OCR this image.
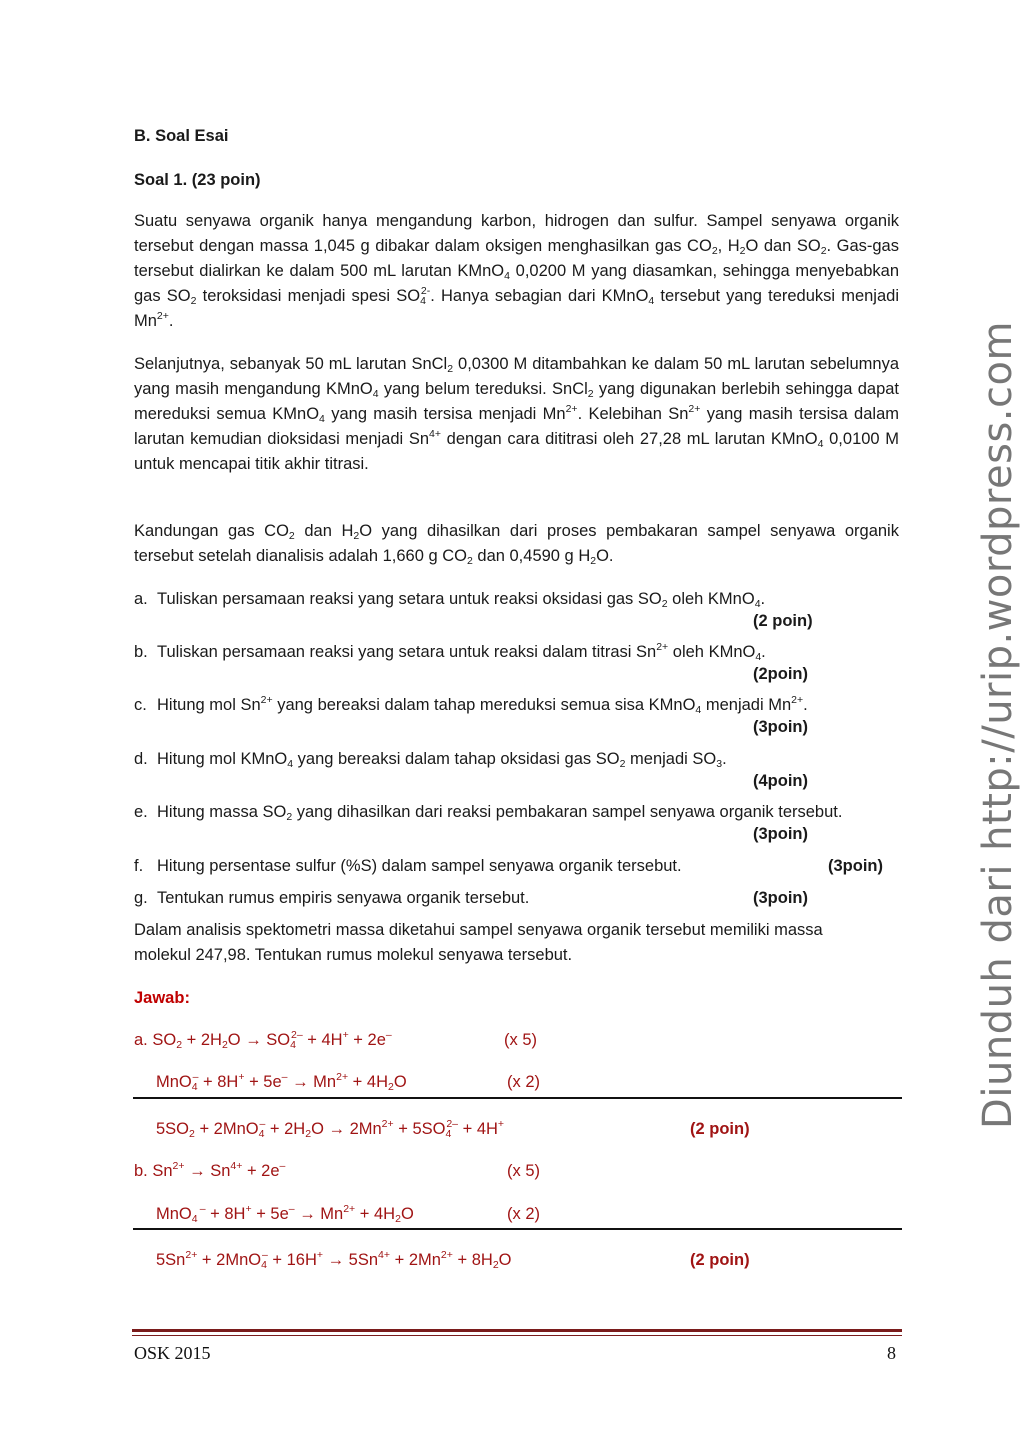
B. Soal Esai
Soal 1. (23 poin)
Suatu senyawa organik hanya mengandung karbon, hidrogen dan sulfur. Sampel senyawa organik tersebut dengan massa 1,045 g dibakar dalam oksigen menghasilkan gas $CO_2$, $H_2O$ dan $SO_2$. Gas-gas tersebut dialirkan ke dalam 500 mL larutan KMnO$_4$ 0,0200 M yang diasamkan, sehingga menyebabkan gas $SO_2$ teroksidasi menjadi spesi $SO_4^{2-}$. Hanya sebagian dari KMnO$_4$ tersebut yang tereduksi menjadi $Mn^{2+}$.
Selanjutnya, sebanyak 50 mL larutan SnCl$_2$ 0,0300 M ditambahkan ke dalam 50 mL larutan sebelumnya yang masih mengandung KMnO$_4$ yang belum tereduksi. SnCl$_2$ yang digunakan berlebih sehingga dapat mereduksi semua KMnO$_4$ yang masih tersisa menjadi $Mn^{2+}$. Kelebihan $Sn^{2+}$ yang masih tersisa dalam larutan kemudian dioksidasi menjadi $Sn^{4+}$ dengan cara dititrasi oleh 27,28 mL larutan KMnO$_4$ 0,0100 M untuk mencapai titik akhir titrasi.
Kandungan gas $CO_2$ dan $H_2O$ yang dihasilkan dari proses pembakaran sampel senyawa organik tersebut setelah dianalisis adalah 1,660 g $CO_2$ dan 0,4590 g $H_2O$.
a. Tuliskan persamaan reaksi yang setara untuk reaksi oksidasi gas $SO_2$ oleh KMnO$_4$.
(2 poin)
b. Tuliskan persamaan reaksi yang setara untuk reaksi dalam titrasi $Sn^{2+}$ oleh KMnO$_4$.
(2poin)
c. Hitung mol $Sn^{2+}$ yang bereaksi dalam tahap mereduksi semua sisa KMnO$_4$ menjadi $Mn^{2+}$.
(3poin)
d. Hitung mol KMnO$_4$ yang bereaksi dalam tahap oksidasi gas $SO_2$ menjadi $SO_3$.
(4poin)
e. Hitung massa $SO_2$ yang dihasilkan dari reaksi pembakaran sampel senyawa organik tersebut.
(3poin)
f. Hitung persentase sulfur (%S) dalam sampel senyawa organik tersebut.	(3poin)
g. Tentukan rumus empiris senyawa organik tersebut.	(3poin)
Dalam analisis spektometri massa diketahui sampel senyawa organik tersebut memiliki massa molekul 247,98. Tentukan rumus molekul senyawa tersebut.
Jawab:
a. $SO_2 + 2H_2O \to SO_4^{2-} + 4H^+ + 2e^-$	(x 5)
$MnO_4^- + 8H^+ + 5e^- \to Mn^{2+} + 4H_2O$	(x 2)
$5SO_2 + 2MnO_4^- + 2H_2O \to 2Mn^{2+} + 5SO_4^{2-} + 4H^+$	(2 poin)
b. $Sn^{2+} \to Sn^{4+} + 2e^-$	(x 5)
MnO$_4$ $^- + 8H^+ + 5e^- \to Mn^{2+} + 4H_2O$	(x 2)
$5Sn^{2+} + 2MnO_4^- + 16H^+ \to 5Sn^{4+} + 2Mn^{2+} + 8H_2O$	(2 poin)
Diunduh dari http://urip.wordpress.com
OSK 2015	8
